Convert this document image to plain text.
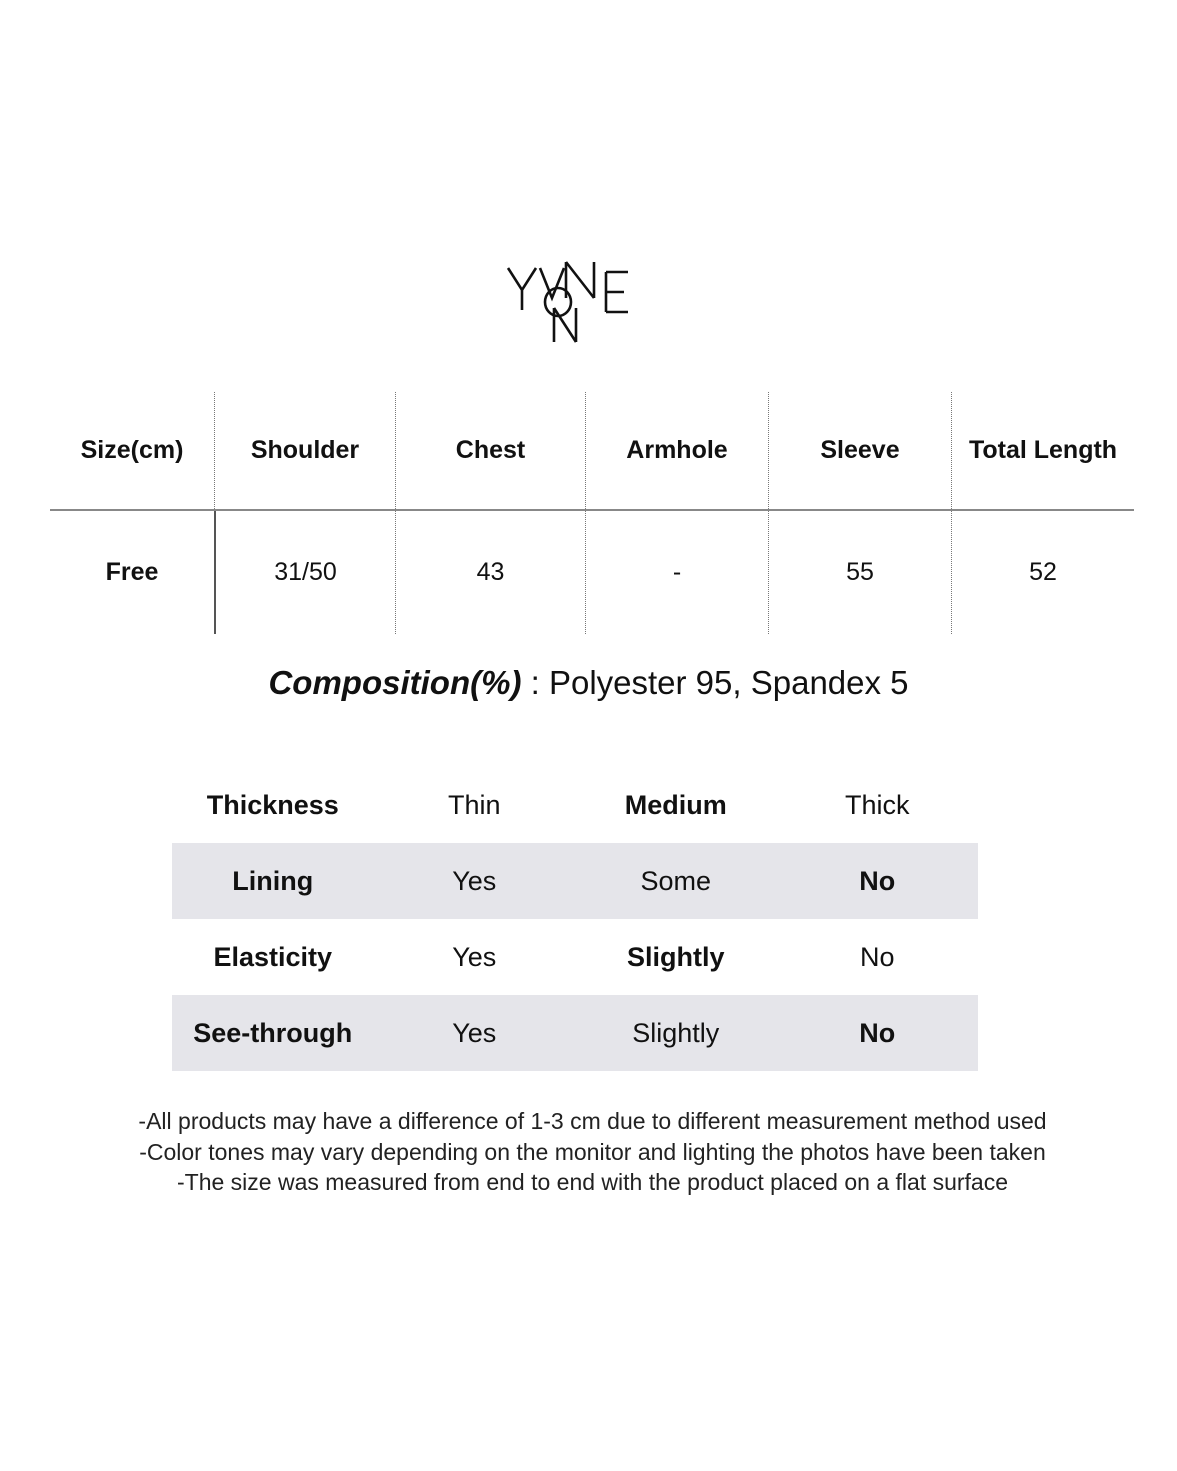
Size(cm)	Shoulder	Chest	Armhole	Sleeve	Total Length
Free	31/50	43	-	55	52
Composition(%) : Polyester 95, Spandex 5
Thickness	Thin	Medium	Thick
Lining	Yes	Some	No
Elasticity	Yes	Slightly	No
See-through	Yes	Slightly	No
-All products may have a difference of 1-3 cm due to different measurement method used
-Color tones may vary depending on the monitor and lighting the photos have been taken
-The size was measured from end to end with the product placed on a flat surface
